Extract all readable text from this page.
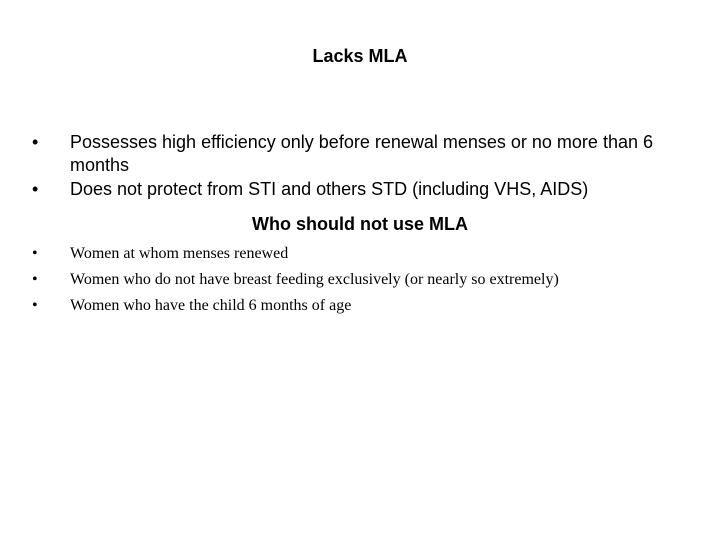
Lacks MLA
•	Possesses high efficiency only before renewal menses or no more than 6 months
•	Does not protect from STI and others STD (including VHS, AIDS)
Who should not use MLA
•	Women at whom menses renewed
•	Women who do not have breast feeding exclusively (or nearly so extremely)
•	Women who have the child 6 months of age
